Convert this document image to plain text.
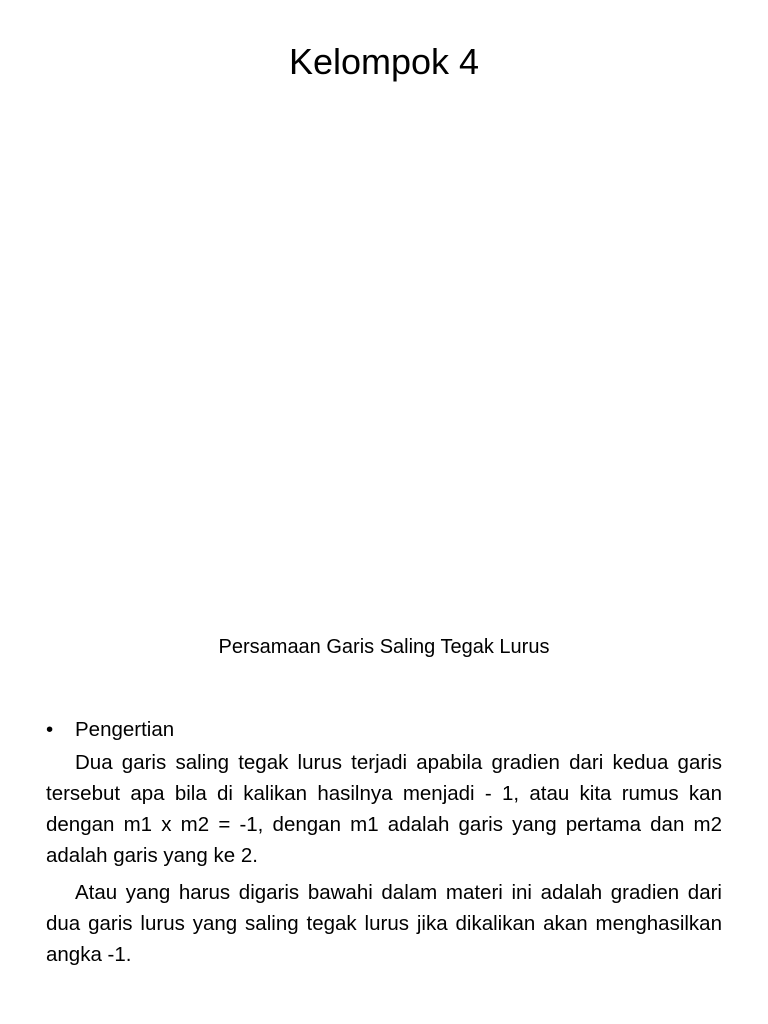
Kelompok 4
Persamaan Garis Saling Tegak Lurus
• Pengertian

Dua garis saling tegak lurus terjadi apabila gradien dari kedua garis tersebut apa bila di kalikan hasilnya menjadi - 1, atau kita rumus kan dengan m1 x m2 = -1, dengan m1 adalah garis yang pertama dan m2 adalah garis yang ke 2.

Atau yang harus digaris bawahi dalam materi ini adalah gradien dari dua garis lurus yang saling tegak lurus jika dikalikan akan menghasilkan angka -1.
